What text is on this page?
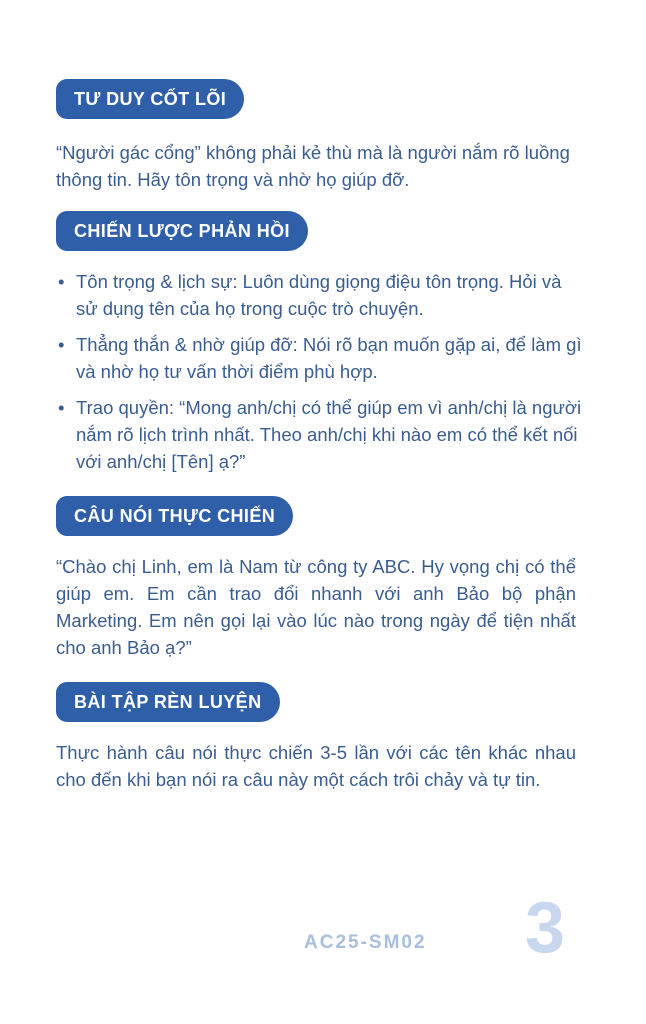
TƯ DUY CỐT LÕI
“Người gác cổng” không phải kẻ thù mà là người nắm rõ luồng thông tin. Hãy tôn trọng và nhờ họ giúp đỡ.
CHIẾN LƯỢC PHẢN HỒI
• Tôn trọng & lịch sự: Luôn dùng giọng điệu tôn trọng. Hỏi và sử dụng tên của họ trong cuộc trò chuyện.
• Thẳng thắn & nhờ giúp đỡ: Nói rõ bạn muốn gặp ai, để làm gì và nhờ họ tư vấn thời điểm phù hợp.
• Trao quyền: “Mong anh/chị có thể giúp em vì anh/chị là người nắm rõ lịch trình nhất. Theo anh/chị khi nào em có thể kết nối với anh/chị [Tên] ạ?”
CÂU NÓI THỰC CHIẾN
“Chào chị Linh, em là Nam từ công ty ABC. Hy vọng chị có thể giúp em. Em cần trao đổi nhanh với anh Bảo bộ phận Marketing. Em nên gọi lại vào lúc nào trong ngày để tiện nhất cho anh Bảo ạ?”
BÀI TẬP RÈN LUYỆN
Thực hành câu nói thực chiến 3-5 lần với các tên khác nhau cho đến khi bạn nói ra câu này một cách trôi chảy và tự tin.
AC25-SM02 3
